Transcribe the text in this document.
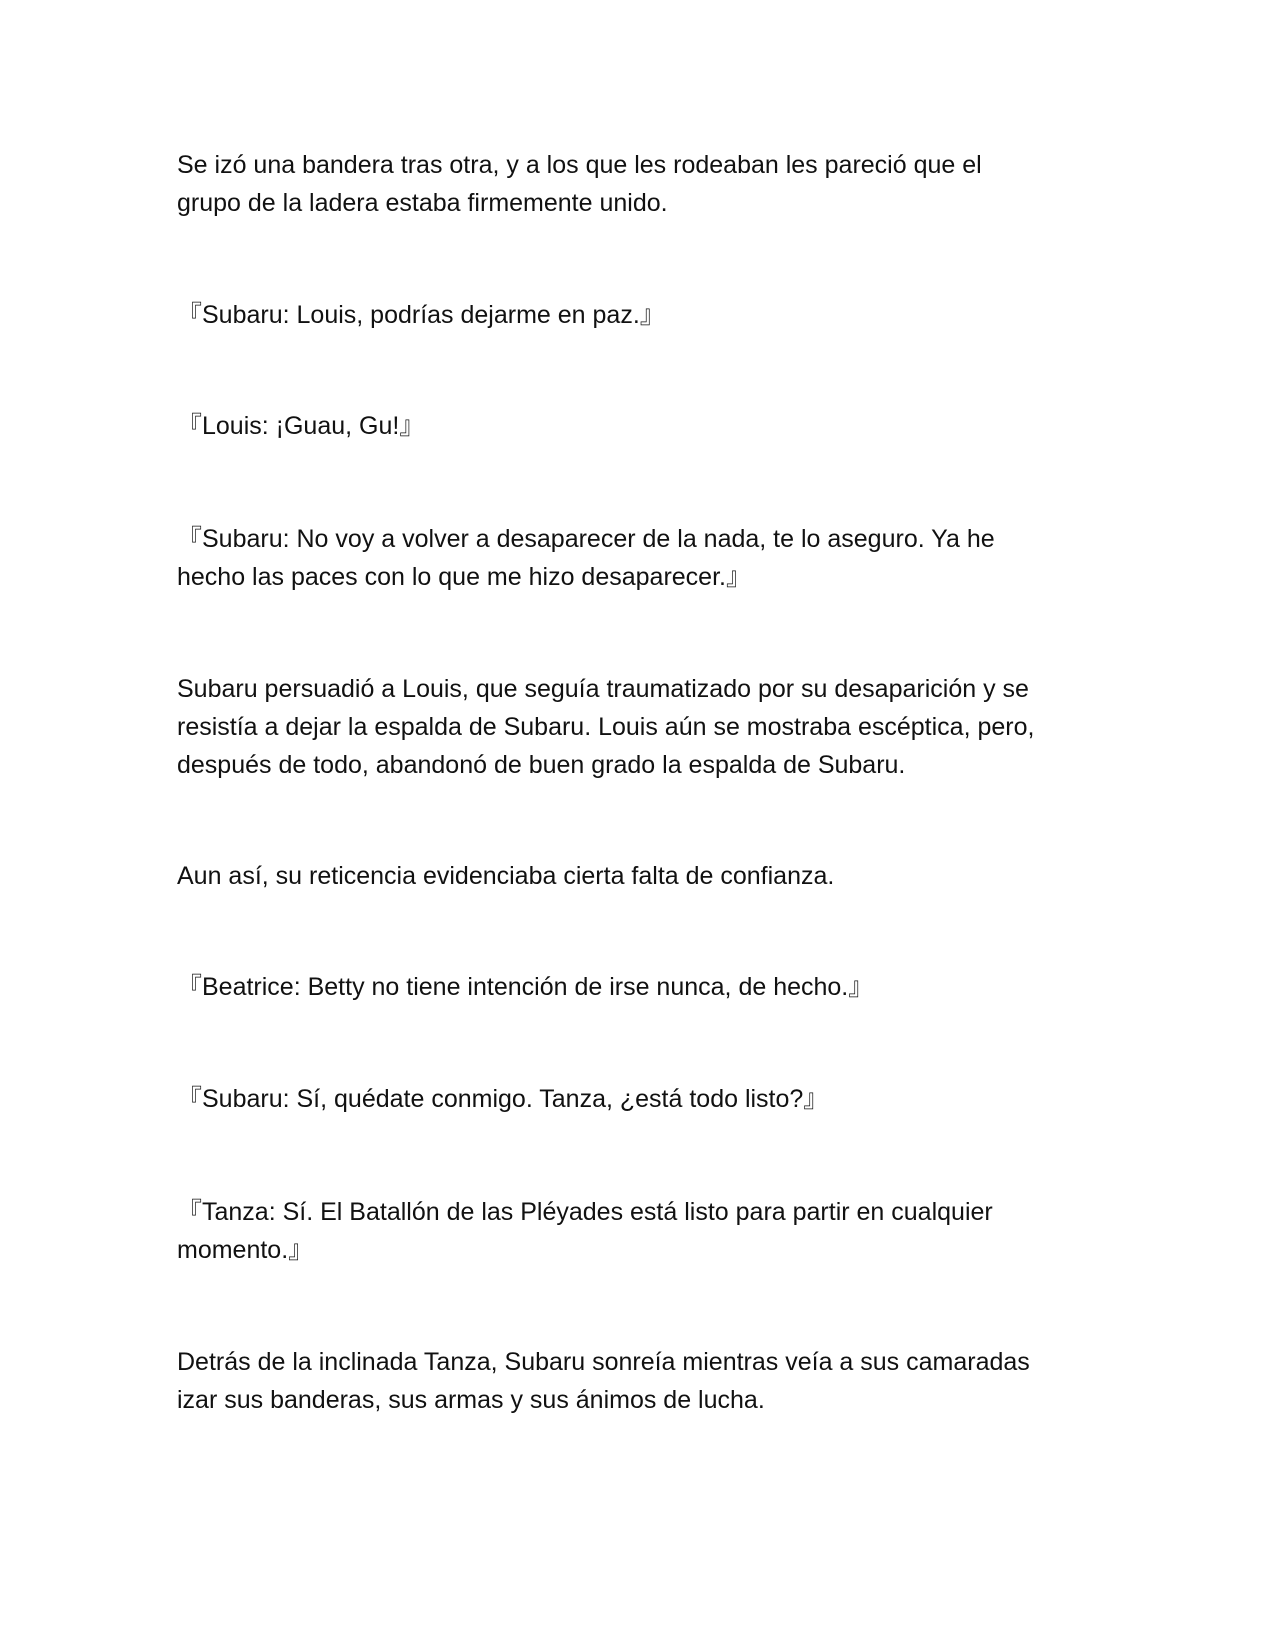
Se izó una bandera tras otra, y a los que les rodeaban les pareció que el
grupo de la ladera estaba firmemente unido.

『Subaru: Louis, podrías dejarme en paz.』

『Louis: ¡Guau, Gu!』

『Subaru: No voy a volver a desaparecer de la nada, te lo aseguro. Ya he
hecho las paces con lo que me hizo desaparecer.』

Subaru persuadió a Louis, que seguía traumatizado por su desaparición y se
resistía a dejar la espalda de Subaru. Louis aún se mostraba escéptica, pero,
después de todo, abandonó de buen grado la espalda de Subaru.

Aun así, su reticencia evidenciaba cierta falta de confianza.

『Beatrice: Betty no tiene intención de irse nunca, de hecho.』

『Subaru: Sí, quédate conmigo. Tanza, ¿está todo listo?』

『Tanza: Sí. El Batallón de las Pléyades está listo para partir en cualquier
momento.』

Detrás de la inclinada Tanza, Subaru sonreía mientras veía a sus camaradas
izar sus banderas, sus armas y sus ánimos de lucha.
